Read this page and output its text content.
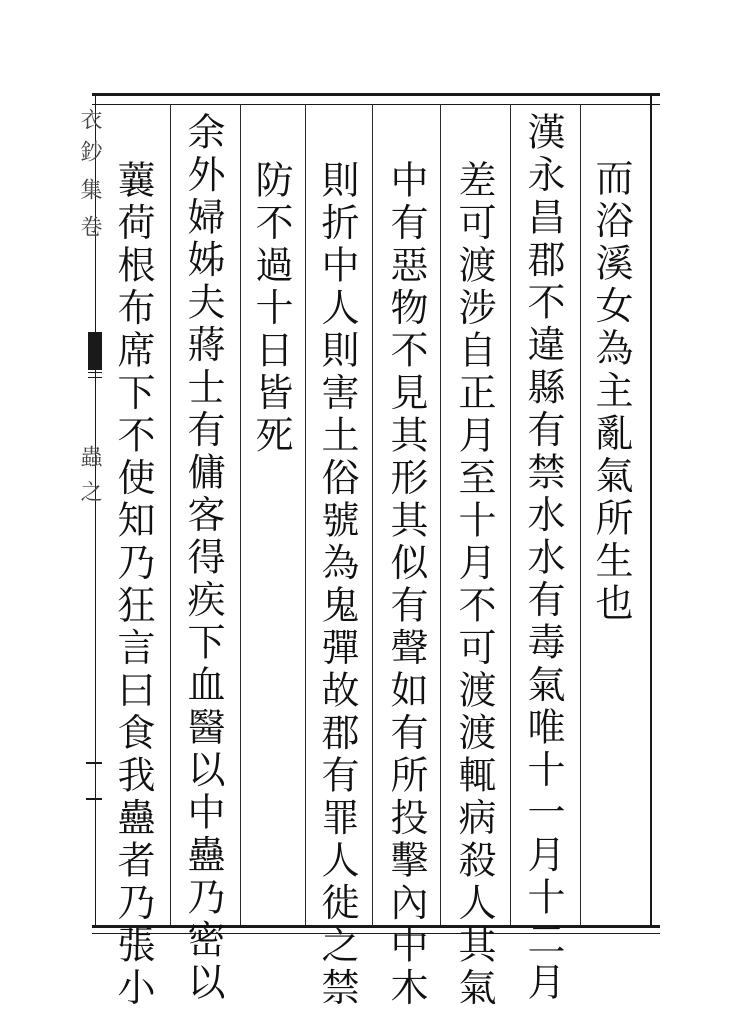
衣
鈔
集
卷
蟲
之	而浴溪女為主亂氣所生也
漢永昌郡不違縣有禁水水有毒氣唯十一月十二月
差可渡涉自正月至十月不可渡渡輒病殺人其氣
中有惡物不見其形其似有聲如有所投擊內中木
則折中人則害土俗號為鬼彈故郡有罪人徙之禁
防不過十日皆死
余外婦姊夫蔣士有傭客得疾下血醫以中蠱乃密以
蘘荷根布席下不使知乃狂言曰食我蠱者乃張小
